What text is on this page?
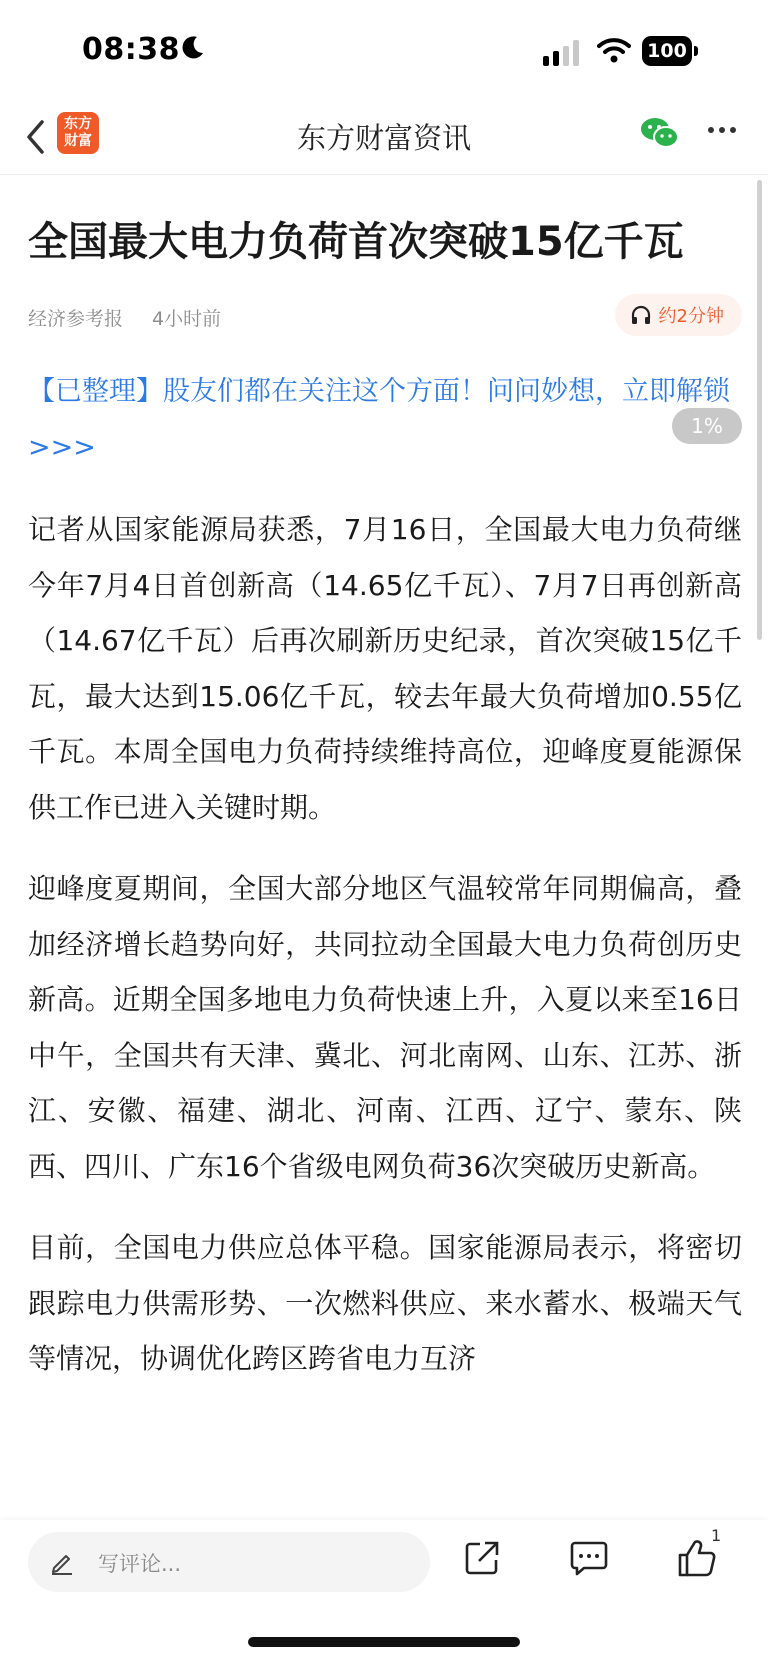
08:38	100
东方
财富	东方财富资讯
全国最大电力负荷首次突破15亿千瓦
经济参考报 4小时前	约2分钟
【已整理】股友们都在关注这个方面！问问妙想，立即解锁>>>

记者从国家能源局获悉，7月16日，全国最大电力负荷继今年7月4日首创新高（14.65亿千瓦）、7月7日再创新高（14.67亿千瓦）后再次刷新历史纪录，首次突破15亿千瓦，最大达到15.06亿千瓦，较去年最大负荷增加0.55亿千瓦。本周全国电力负荷持续维持高位，迎峰度夏能源保供工作已进入关键时期。

迎峰度夏期间，全国大部分地区气温较常年同期偏高，叠加经济增长趋势向好，共同拉动全国最大电力负荷创历史新高。近期全国多地电力负荷快速上升，入夏以来至16日中午，全国共有天津、冀北、河北南网、山东、江苏、浙江、安徽、福建、湖北、河南、江西、辽宁、蒙东、陕西、四川、广东16个省级电网负荷36次突破历史新高。

目前，全国电力供应总体平稳。国家能源局表示，将密切跟踪电力供需形势、一次燃料供应、来水蓄水、极端天气等情况，协调优化跨区跨省电力互济

1%
写评论...
1
